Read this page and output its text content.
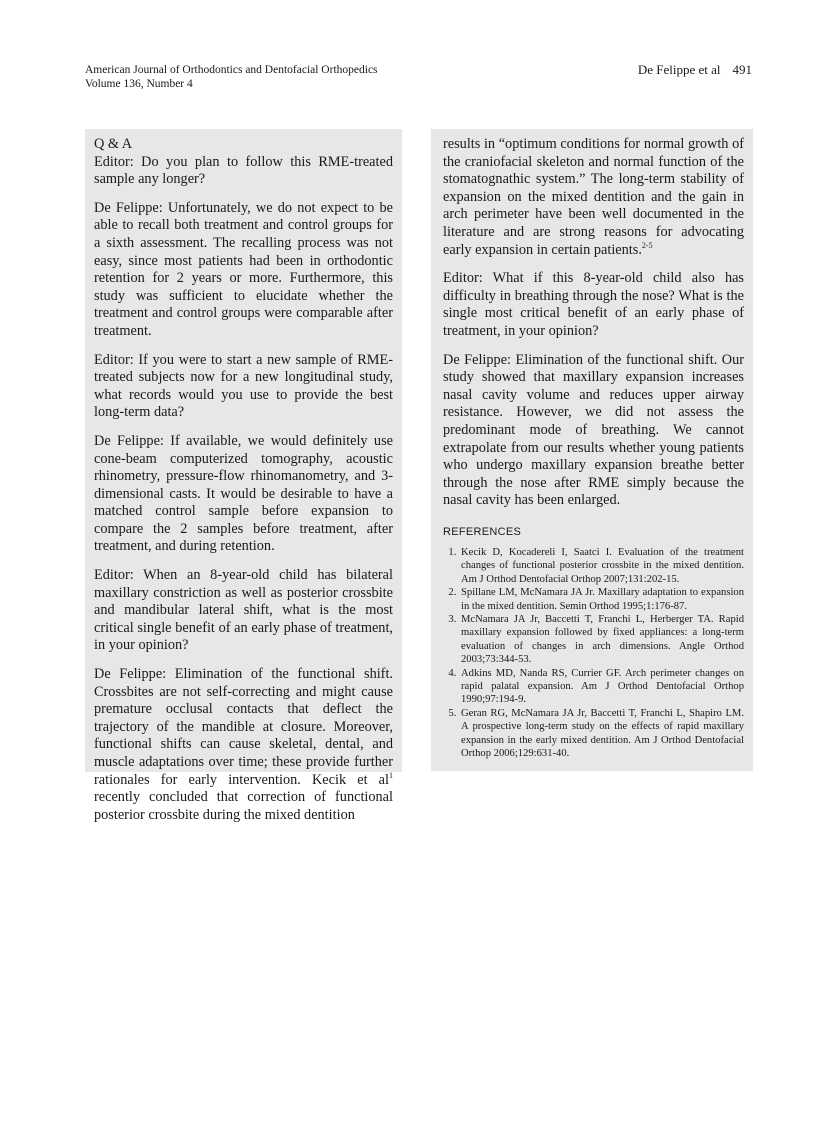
American Journal of Orthodontics and Dentofacial Orthopedics
Volume 136, Number 4
De Felippe et al 491

Q & A

Editor: Do you plan to follow this RME-treated sample any longer?

De Felippe: Unfortunately, we do not expect to be able to recall both treatment and control groups for a sixth assessment. The recalling process was not easy, since most patients had been in orthodontic retention for 2 years or more. Furthermore, this study was sufficient to elucidate whether the treatment and control groups were comparable after treatment.

Editor: If you were to start a new sample of RME-treated subjects now for a new longitudinal study, what records would you use to provide the best long-term data?

De Felippe: If available, we would definitely use cone-beam computerized tomography, acoustic rhinometry, pressure-flow rhinomanometry, and 3-dimensional casts. It would be desirable to have a matched control sample before expansion to compare the 2 samples before treatment, after treatment, and during retention.

Editor: When an 8-year-old child has bilateral maxillary constriction as well as posterior crossbite and mandibular lateral shift, what is the most critical single benefit of an early phase of treatment, in your opinion?

De Felippe: Elimination of the functional shift. Crossbites are not self-correcting and might cause premature occlusal contacts that deflect the trajectory of the mandible at closure. Moreover, functional shifts can cause skeletal, dental, and muscle adaptations over time; these provide further rationales for early intervention. Kecik et $al^1$ recently concluded that correction of functional posterior crossbite during the mixed dentition

results in “optimum conditions for normal growth of the craniofacial skeleton and normal function of the stomatognathic system.” The long-term stability of expansion on the mixed dentition and the gain in arch perimeter have been well documented in the literature and are strong reasons for advocating early expansion in certain patients.$^{2-5}$

Editor: What if this 8-year-old child also has difficulty in breathing through the nose? What is the single most critical benefit of an early phase of treatment, in your opinion?

De Felippe: Elimination of the functional shift. Our study showed that maxillary expansion increases nasal cavity volume and reduces upper airway resistance. However, we did not assess the predominant mode of breathing. We cannot extrapolate from our results whether young patients who undergo maxillary expansion breathe better through the nose after RME simply because the nasal cavity has been enlarged.

REFERENCES
1. Kecik D, Kocadereli I, Saatci I. Evaluation of the treatment changes of functional posterior crossbite in the mixed dentition. Am J Orthod Dentofacial Orthop 2007;131:202-15.
2. Spillane LM, McNamara JA Jr. Maxillary adaptation to expansion in the mixed dentition. Semin Orthod 1995;1:176-87.
3. McNamara JA Jr, Baccetti T, Franchi L, Herberger TA. Rapid maxillary expansion followed by fixed appliances: a long-term evaluation of changes in arch dimensions. Angle Orthod 2003;73:344-53.
4. Adkins MD, Nanda RS, Currier GF. Arch perimeter changes on rapid palatal expansion. Am J Orthod Dentofacial Orthop 1990;97:194-9.
5. Geran RG, McNamara JA Jr, Baccetti T, Franchi L, Shapiro LM. A prospective long-term study on the effects of rapid maxillary expansion in the early mixed dentition. Am J Orthod Dentofacial Orthop 2006;129:631-40.
